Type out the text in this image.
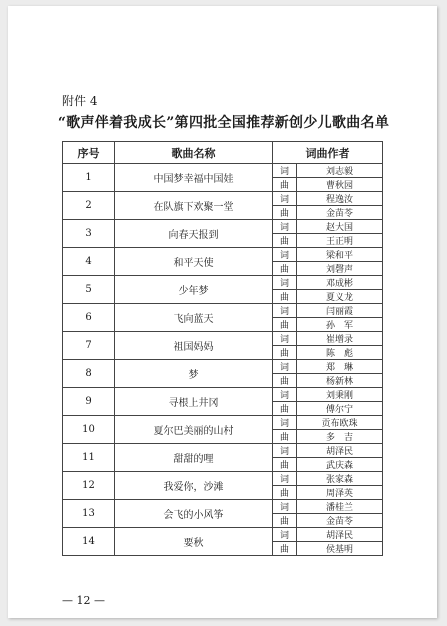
附件 4
“歌声伴着我成长”第四批全国推荐新创少儿歌曲名单
序号	歌曲名称	词曲作者	
1	中国梦幸福中国娃	词	刘志毅
		曲	曹秋园
2	在队旗下欢聚一堂	词	程逸汝
		曲	金苗苓
3	向春天报到	词	赵大国
		曲	王正明
4	和平天使	词	梁和平
		曲	刘磬声
5	少年梦	词	邓成彬
		曲	夏义龙
6	飞向蓝天	词	闫丽霞
		曲	孙　军
7	祖国妈妈	词	崔增录
		曲	陈　彪
8	梦	词	郑　琳
		曲	杨新林
9	寻根上井冈	词	刘秉刚
		曲	傅尔宁
10	夏尔巴美丽的山村	词	贡布欧珠
		曲	多　吉
11	甜甜的哩	词	胡泽民
		曲	武庆森
12	我爱你，沙滩	词	张家森
		曲	周泽英
13	会飞的小风筝	词	潘桂兰
		曲	金苗苓
14	要秋	词	胡泽民
		曲	侯基明
— 12 —
